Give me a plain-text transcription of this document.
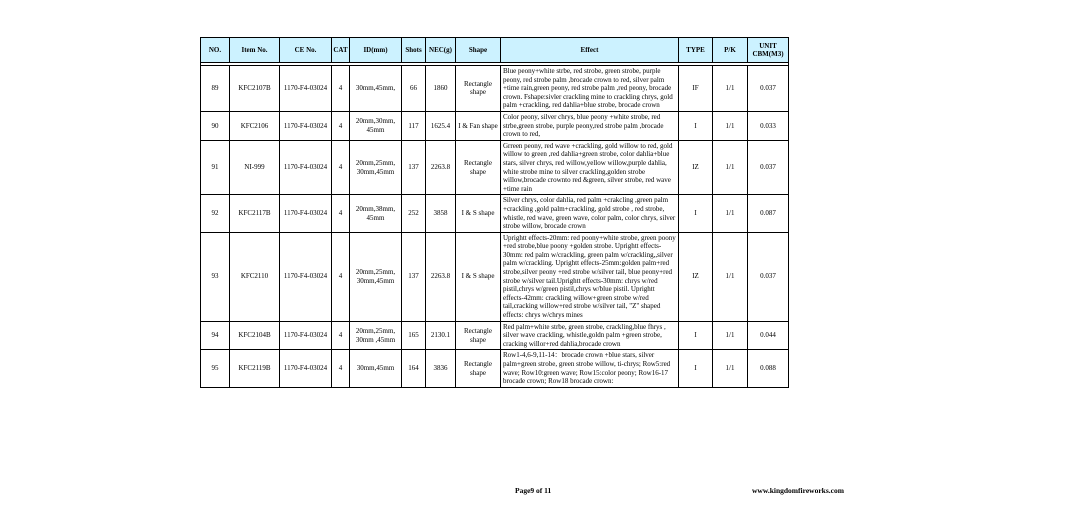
NO.	Item No.	CE No.	CAT	ID(mm)	Shots	NEC(g)	Shape	Effect	TYPE	P/K	UNIT CBM(M3)

89	KFC2107B	1170-F4-03024	4	30mm,45mm,	66	1860	Rectangle shape	Blue peony+white strbe, red strobe, green strobe, purple peony, red strobe palm ,brocade crown to red, silver palm +time rain,green peony, red strobe palm ,red peony, brocade crown. Fshape:sivler crackling mine to crackling chrys, gold palm +crackling, red dahlia+blue strobe, brocade crown	IF	1/1	0.037
90	KFC2106	1170-F4-03024	4	20mm,30mm, 45mm	117	1625.4	I & Fan shape	Color peony, silver chrys, blue peony +white strobe, red strbe,green strobe, purple peony,red strobe palm ,brocade crown to red,	I	1/1	0.033
91	NI-999	1170-F4-03024	4	20mm,25mm, 30mm,45mm	137	2263.8	Rectangle shape	Grreen peony, red wave +crackling, gold willow to red, gold willow to green ,red dahlia+green strobe, color dahlia+blue stars, silver chrys, red willow,yellow willow,purple dahlia, white strobe mine to silver crackling,golden strobe willow,brocade crownto red &green, silver strobe, red wave +time rain	IZ	1/1	0.037
92	KFC2117B	1170-F4-03024	4	20mm,38mm, 45mm	252	3858	I & S shape	Silver chrys, color dahlia, red palm +crakcling ,green palm +crackling ,gold palm+crackling, gold strobe , red strobe, whistle, red wave, green wave, color palm, color chrys, silver strobe willow, brocade crown	I	1/1	0.087
93	KFC2110	1170-F4-03024	4	20mm,25mm, 30mm,45mm	137	2263.8	I & S shape	Uprightt effects-20mm: red poony+white strobe, green poony +red strobe,blue poony +golden strobe. Uprightt effects-30mm: red palm w/crackling, green palm w/crackling,,silver palm w/crackling. Uprightt effects-25mm:golden palm+red strobe,silver peony +red strobe w/silver tail, blue peony+red strobe w/silver tail.Uprightt effects-30mm: chrys w/red pistil,chrys w/green pistil,chrys w/blue pistil. Uprightt effects-42mm: crackling willow+green strobe w/red tail,cracking willow+red strobe w/silver tail, "Z" shaped effects: chrys w/chrys mines	IZ	1/1	0.037
94	KFC2104B	1170-F4-03024	4	20mm,25mm, 30mm ,45mm	165	2130.1	Rectangle shape	Red palm+white strbe, green strobe, crackling,blue fhrys , silver wave crackling, whistle,goldn palm +green strobe, cracking willor+red dahlia,brocade crown	I	1/1	0.044
95	KFC2119B	1170-F4-03024	4	30mm,45mm	164	3836	Rectangle shape	Row1-4,6-9,11-14：brocade crown +blue stars, silver palm+green strobe, green strobe willow, ti-chrys; Row5:red wave; Row10:green wave; Row15:color peony; Row16-17 brocade crown; Row18 brocade crown:	I	1/1	0.088
Page9 of 11	www.kingdomfireworks.com
